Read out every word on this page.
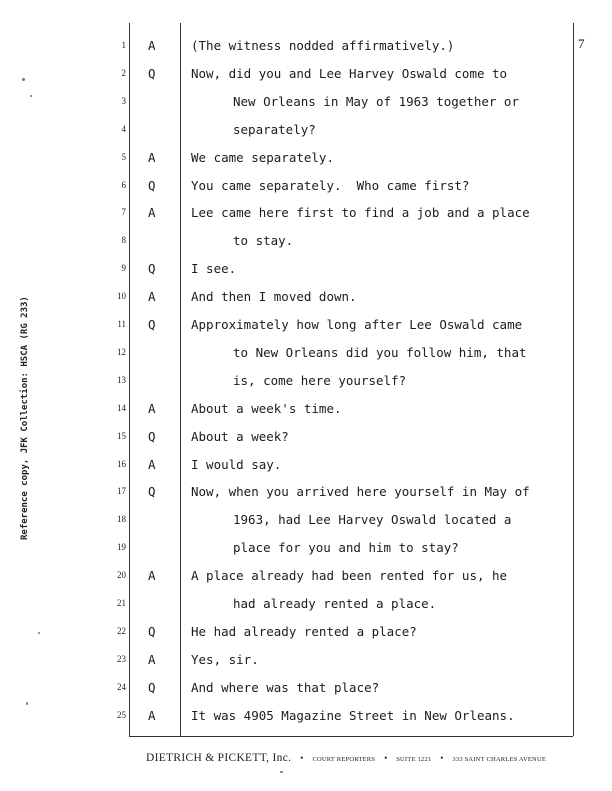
7
Reference copy, JFK Collection: HSCA (RG 233)
1 A	(The witness nodded affirmatively.)
2 Q	Now, did you and Lee Harvey Oswald come to
3	New Orleans in May of 1963 together or
4	separately?
5 A	We came separately.
6 Q	You came separately.  Who came first?
7 A	Lee came here first to find a job and a place
8	to stay.
9 Q	I see.
10 A	And then I moved down.
11 Q	Approximately how long after Lee Oswald came
12	to New Orleans did you follow him, that
13	is, come here yourself?
14 A	About a week's time.
15 Q	About a week?
16 A	I would say.
17 Q	Now, when you arrived here yourself in May of
18	1963, had Lee Harvey Oswald located a
19	place for you and him to stay?
20 A	A place already had been rented for us, he
21	had already rented a place.
22 Q	He had already rented a place?
23 A	Yes, sir.
24 Q	And where was that place?
25 A	It was 4905 Magazine Street in New Orleans.
DIETRICH & PICKETT, Inc. • COURT REPORTERS • SUITE 1221 • 333 SAINT CHARLES AVENUE
